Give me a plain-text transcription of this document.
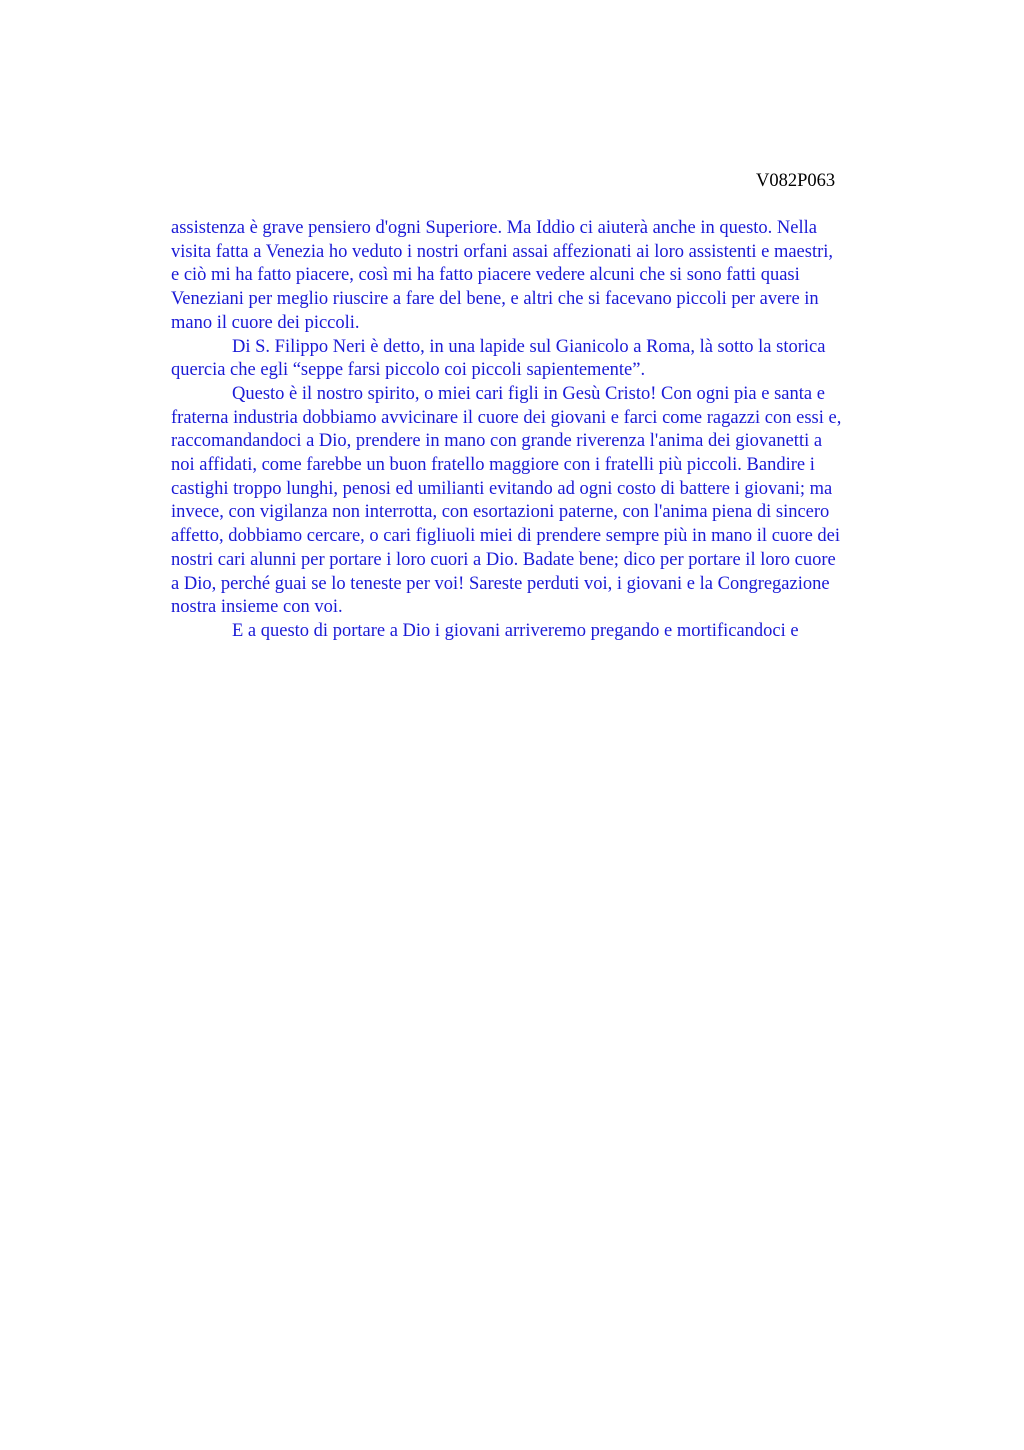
V082P063
assistenza è grave pensiero d'ogni Superiore. Ma Iddio ci aiuterà anche in questo. Nella
visita fatta a Venezia ho veduto i nostri orfani assai affezionati ai loro assistenti e maestri,
e ciò mi ha fatto piacere, così mi ha fatto piacere vedere alcuni che si sono fatti quasi
Veneziani per meglio riuscire a fare del bene, e altri che si facevano piccoli per avere in
mano il cuore dei piccoli.
Di S. Filippo Neri è detto, in una lapide sul Gianicolo a Roma, là sotto la storica
quercia che egli “seppe farsi piccolo coi piccoli sapientemente”.
Questo è il nostro spirito, o miei cari figli in Gesù Cristo! Con ogni pia e santa e
fraterna industria dobbiamo avvicinare il cuore dei giovani e farci come ragazzi con essi e,
raccomandandoci a Dio, prendere in mano con grande riverenza l'anima dei giovanetti a
noi affidati, come farebbe un buon fratello maggiore con i fratelli più piccoli. Bandire i
castighi troppo lunghi, penosi ed umilianti evitando ad ogni costo di battere i giovani; ma
invece, con vigilanza non interrotta, con esortazioni paterne, con l'anima piena di sincero
affetto, dobbiamo cercare, o cari figliuoli miei di prendere sempre più in mano il cuore dei
nostri cari alunni per portare i loro cuori a Dio. Badate bene; dico per portare il loro cuore
a Dio, perché guai se lo teneste per voi! Sareste perduti voi, i giovani e la Congregazione
nostra insieme con voi.
E a questo di portare a Dio i giovani arriveremo pregando e mortificandoci e
